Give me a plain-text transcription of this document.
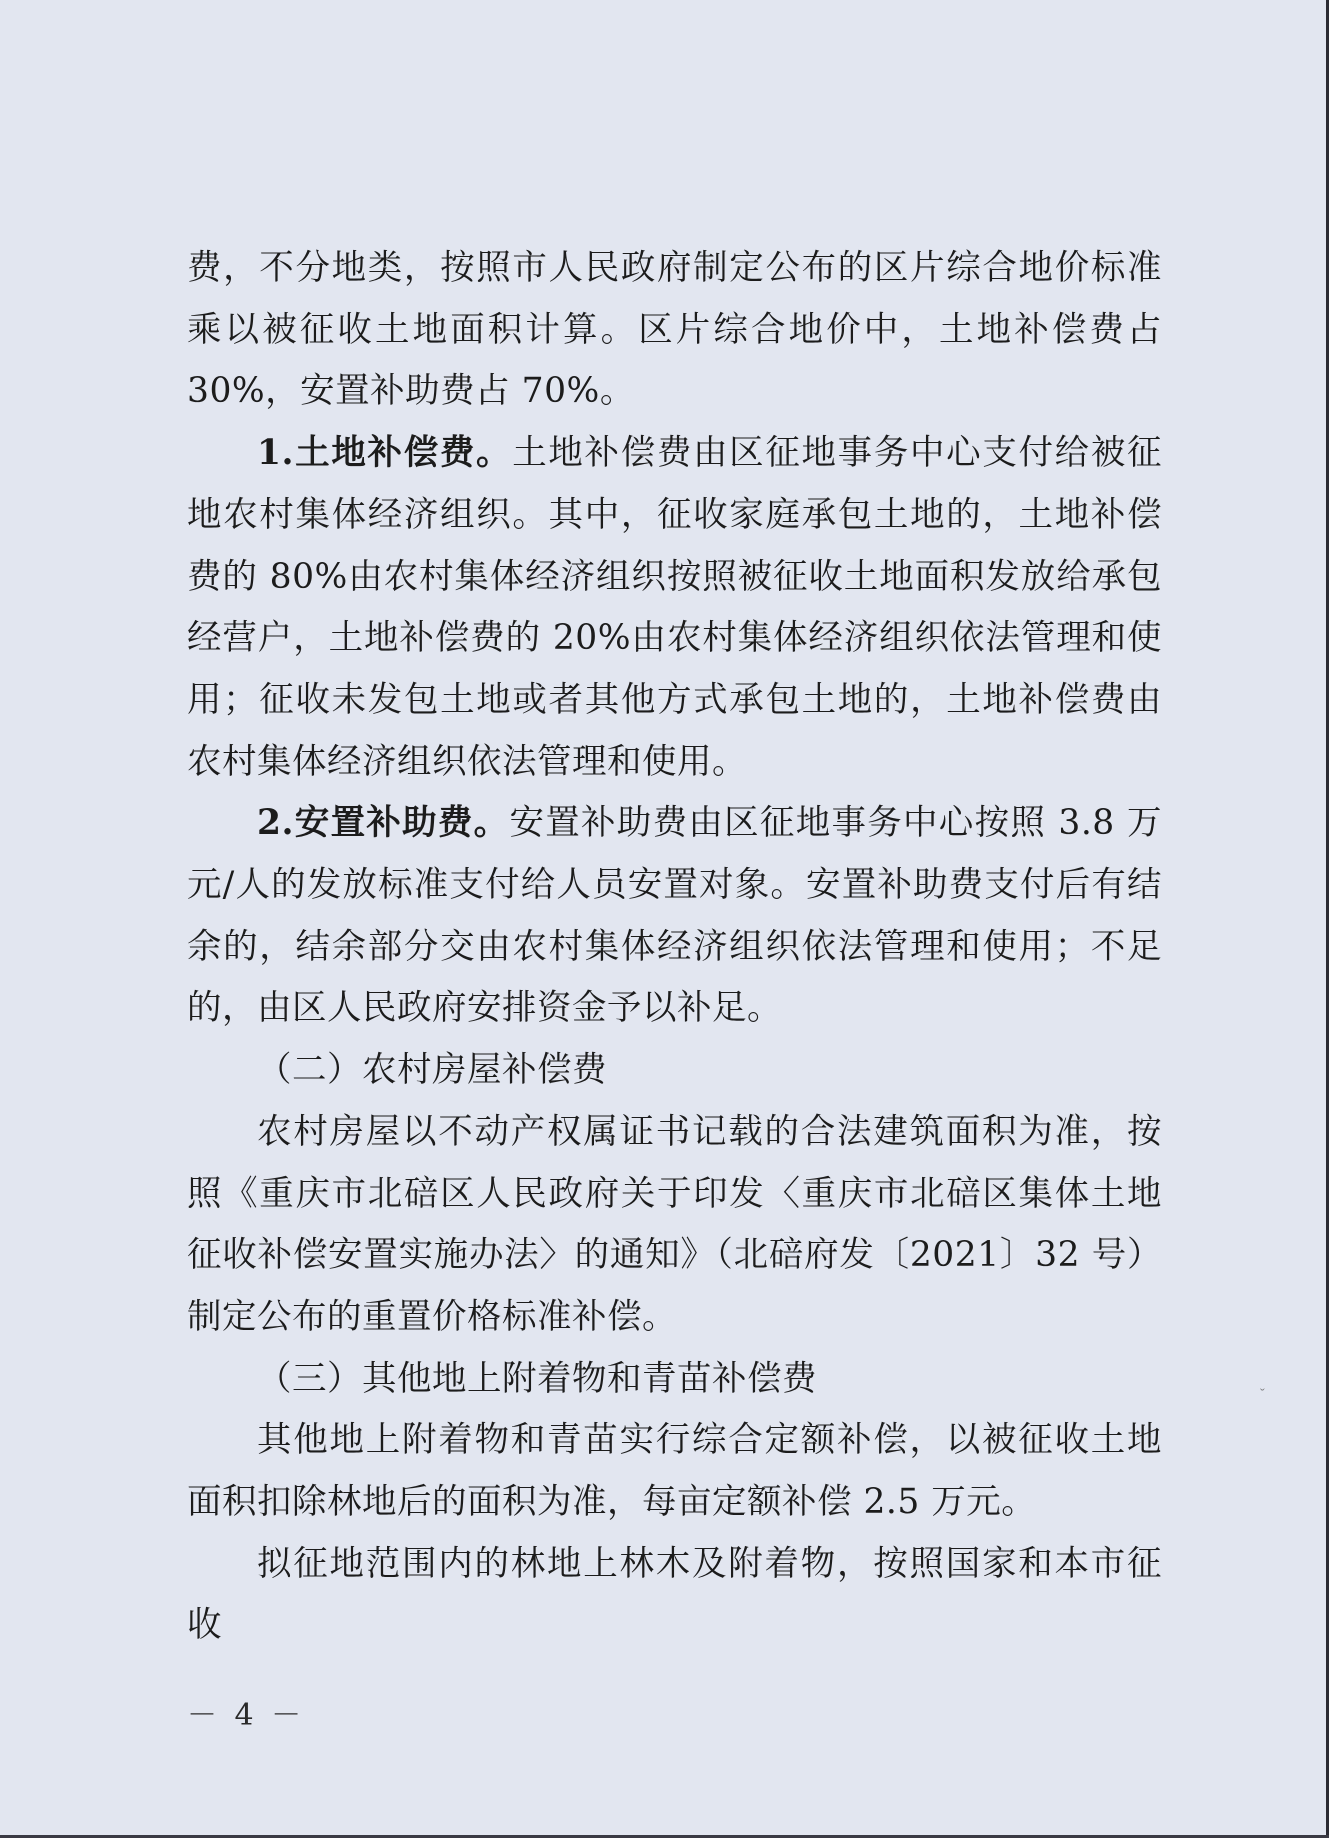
费，不分地类，按照市人民政府制定公布的区片综合地价标准乘以被征收土地面积计算。区片综合地价中，土地补偿费占 30%，安置补助费占 70%。

1.土地补偿费。土地补偿费由区征地事务中心支付给被征地农村集体经济组织。其中，征收家庭承包土地的，土地补偿费的 80%由农村集体经济组织按照被征收土地面积发放给承包经营户，土地补偿费的 20%由农村集体经济组织依法管理和使用；征收未发包土地或者其他方式承包土地的，土地补偿费由农村集体经济组织依法管理和使用。

2.安置补助费。安置补助费由区征地事务中心按照 3.8 万元/人的发放标准支付给人员安置对象。安置补助费支付后有结余的，结余部分交由农村集体经济组织依法管理和使用；不足的，由区人民政府安排资金予以补足。

（二）农村房屋补偿费

农村房屋以不动产权属证书记载的合法建筑面积为准，按照《重庆市北碚区人民政府关于印发〈重庆市北碚区集体土地征收补偿安置实施办法〉的通知》（北碚府发〔2021〕32 号）制定公布的重置价格标准补偿。

（三）其他地上附着物和青苗补偿费

其他地上附着物和青苗实行综合定额补偿，以被征收土地面积扣除林地后的面积为准，每亩定额补偿 2.5 万元。

拟征地范围内的林地上林木及附着物，按照国家和本市征收

－ 4 －
ˇ
